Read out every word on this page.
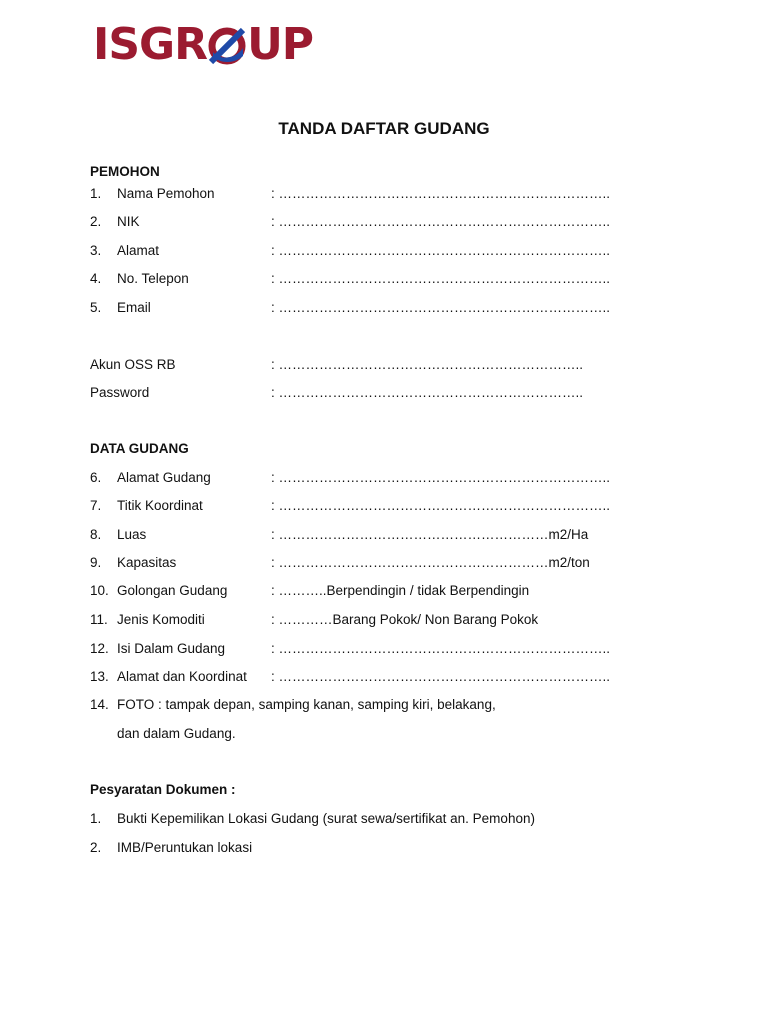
ISGR UP
TANDA DAFTAR GUDANG
PEMOHON
1.	Nama Pemohon	: ………………………………………………………………..
2.	NIK	: ………………………………………………………………..
3.	Alamat	: ………………………………………………………………..
4.	No. Telepon	: ………………………………………………………………..
5.	Email	: ………………………………………………………………..
Akun OSS RB	: …………………………………………………………..
Password	: …………………………………………………………..
DATA GUDANG
6.	Alamat Gudang	: ………………………………………………………………..
7.	Titik Koordinat	: ………………………………………………………………..
8.	Luas	: ……………………………………………………m2/Ha
9.	Kapasitas	: ……………………………………………………m2/ton
10. Golongan Gudang	: ………..Berpendingin / tidak Berpendingin
11. Jenis Komoditi	: …………Barang Pokok/ Non Barang Pokok
12. Isi Dalam Gudang	: ………………………………………………………………..
13. Alamat dan Koordinat : ………………………………………………………………..
14. FOTO : tampak depan, samping kanan, samping kiri, belakang,
dan dalam Gudang.
Pesyaratan Dokumen :
1.	Bukti Kepemilikan Lokasi Gudang (surat sewa/sertifikat an. Pemohon)
2.	IMB/Peruntukan lokasi
